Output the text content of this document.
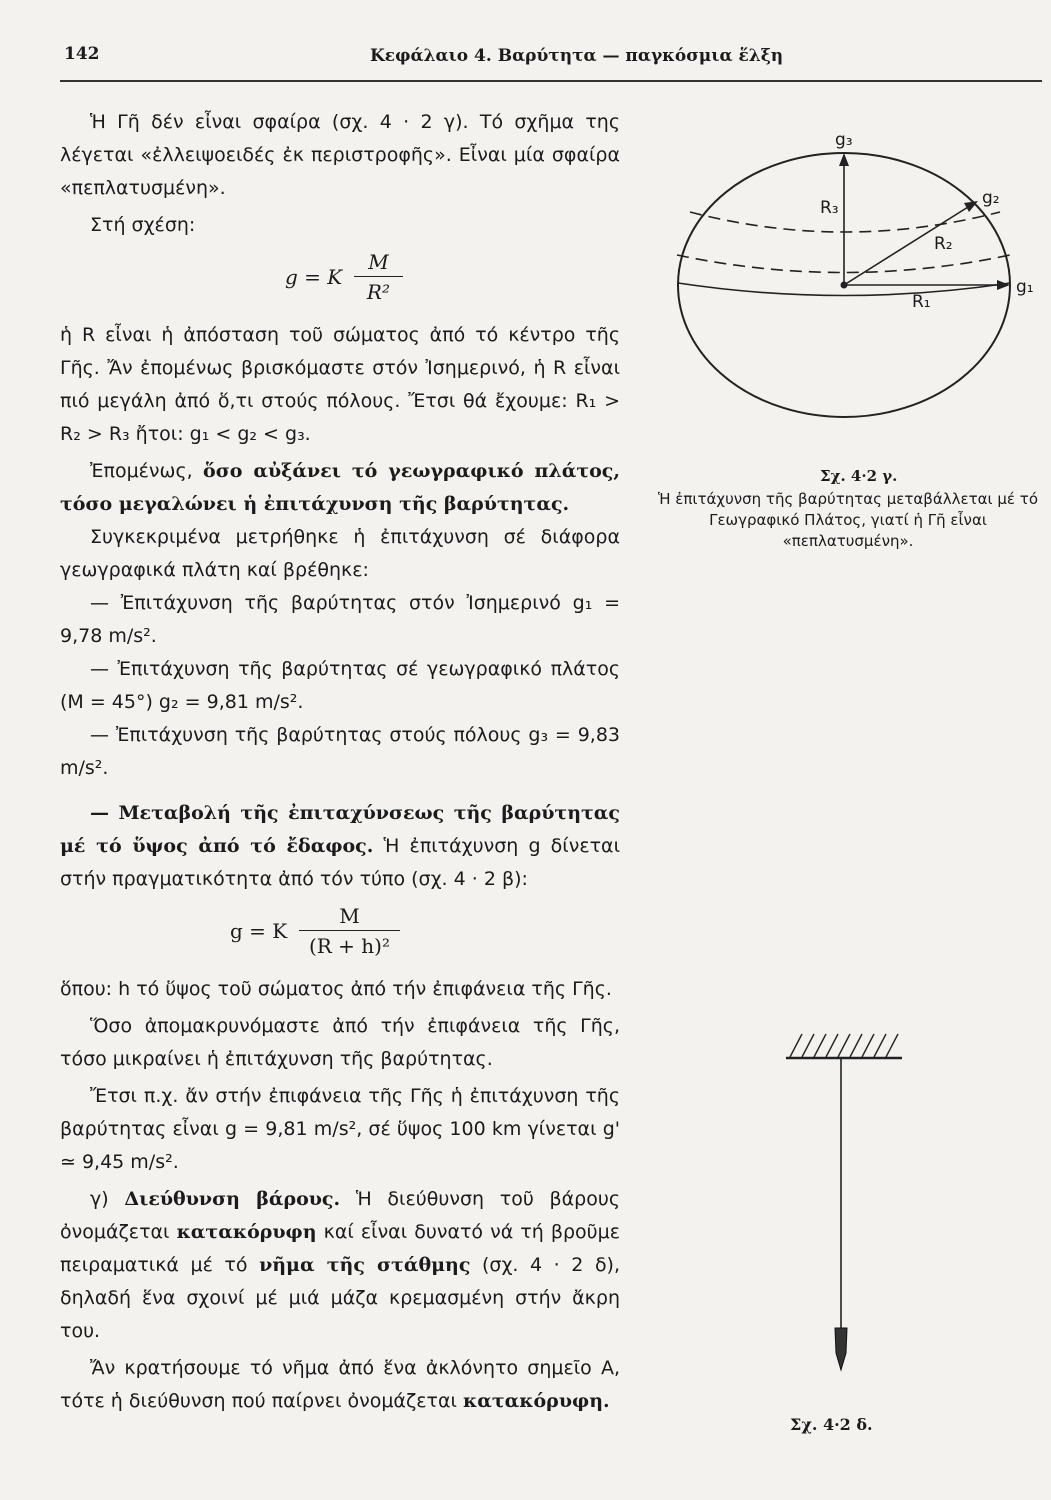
142	Κεφάλαιο 4. Βαρύτητα — παγκόσμια ἕλξη

Ἡ Γῆ δέν εἶναι σφαίρα (σχ. 4 · 2 γ). Τό σχῆμα της λέγεται «ἐλλειψοειδές ἐκ περιστροφῆς». Εἶναι μία σφαίρα «πεπλατυσμένη».

Στή σχέση:

g = K $\frac{M}{\text{R²}}$

ἡ R εἶναι ἡ ἀπόσταση τοῦ σώματος ἀπό τό κέντρο τῆς Γῆς. Ἄν ἐπομένως βρισκόμαστε στόν Ἰσημερινό, ἡ R εἶναι πιό μεγάλη ἀπό ὅ,τι στούς πόλους. Ἔτσι θά ἔχουμε: R₁ > R₂ > R₃ ἤτοι: g₁ < g₂ < g₃.

Ἐπομένως, ὅσο αὐξάνει τό γεωγραφικό πλάτος, τόσο μεγαλώνει ἡ ἐπιτάχυνση τῆς βαρύτητας.

Συγκεκριμένα μετρήθηκε ἡ ἐπιτάχυνση σέ διάφορα γεωγραφικά πλάτη καί βρέθηκε:

— Ἐπιτάχυνση τῆς βαρύτητας στόν Ἰσημερινό g₁ = 9,78 m/s².

— Ἐπιτάχυνση τῆς βαρύτητας σέ γεωγραφικό πλάτος (M = 45°) g₂ = 9,81 m/s².

— Ἐπιτάχυνση τῆς βαρύτητας στούς πόλους g₃ = 9,83 m/s².

— Μεταβολή τῆς ἐπιταχύνσεως τῆς βαρύτητας μέ τό ὕψος ἀπό τό ἔδαφος. Ἡ ἐπιτάχυνση g δίνεται στήν πραγματικότητα ἀπό τόν τύπο (σχ. 4 · 2 β):

g = K $\frac{M}{\text{(R + h)²}}$

ὅπου: h τό ὕψος τοῦ σώματος ἀπό τήν ἐπιφάνεια τῆς Γῆς.

Ὅσο ἀπομακρυνόμαστε ἀπό τήν ἐπιφάνεια τῆς Γῆς, τόσο μικραίνει ἡ ἐπιτάχυνση τῆς βαρύτητας.

Ἔτσι π.χ. ἄν στήν ἐπιφάνεια τῆς Γῆς ἡ ἐπιτάχυνση τῆς βαρύτητας εἶναι g = 9,81 m/s², σέ ὕψος 100 km γίνεται g' ≃ 9,45 m/s².

γ) Διεύθυνση βάρους. Ἡ διεύθυνση τοῦ βάρους ὀνομάζεται κατακόρυφη καί εἶναι δυνατό νά τή βροῦμε πειραματικά μέ τό νῆμα τῆς στάθμης (σχ. 4 · 2 δ), δηλαδή ἕνα σχοινί μέ μιά μάζα κρεμασμένη στήν ἄκρη του.

Ἄν κρατήσουμε τό νῆμα ἀπό ἕνα ἀκλόνητο σημεῖο Α, τότε ἡ διεύθυνση πού παίρνει ὀνομάζεται κατακόρυφη.

g₃
g₂
g₁
R₃
R₂
R₁
Σχ. 4·2 γ.
Ἡ ἐπιτάχυνση τῆς βαρύτητας μεταβάλλεται μέ τό Γεωγραφικό Πλάτος, γιατί ἡ Γῆ εἶναι «πεπλατυσμένη».
Σχ. 4·2 δ.
